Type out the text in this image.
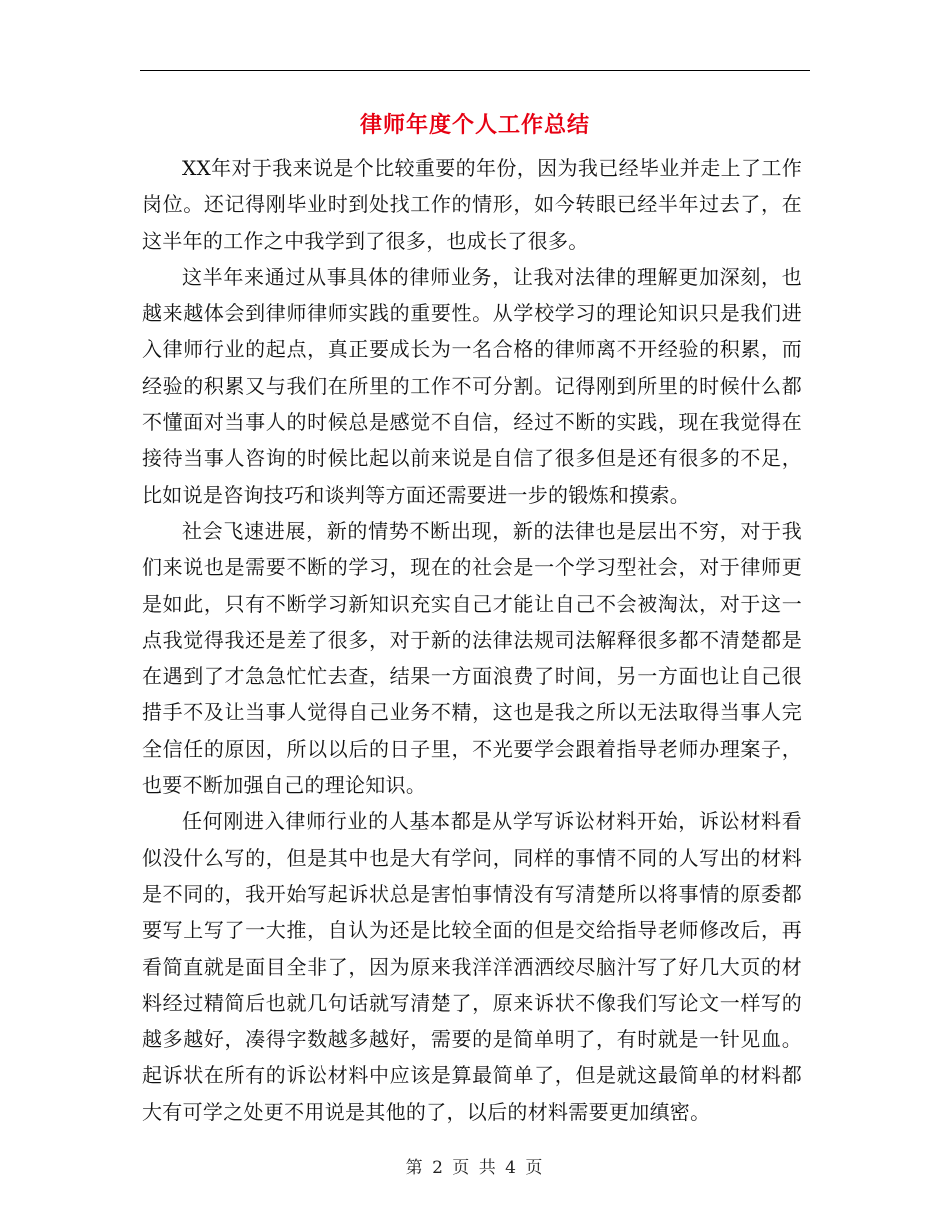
律师年度个人工作总结

XX年对于我来说是个比较重要的年份，因为我已经毕业并走上了工作岗位。还记得刚毕业时到处找工作的情形，如今转眼已经半年过去了，在这半年的工作之中我学到了很多，也成长了很多。

这半年来通过从事具体的律师业务，让我对法律的理解更加深刻，也越来越体会到律师律师实践的重要性。从学校学习的理论知识只是我们进入律师行业的起点，真正要成长为一名合格的律师离不开经验的积累，而经验的积累又与我们在所里的工作不可分割。记得刚到所里的时候什么都不懂面对当事人的时候总是感觉不自信，经过不断的实践，现在我觉得在接待当事人咨询的时候比起以前来说是自信了很多但是还有很多的不足，比如说是咨询技巧和谈判等方面还需要进一步的锻炼和摸索。

社会飞速进展，新的情势不断出现，新的法律也是层出不穷，对于我们来说也是需要不断的学习，现在的社会是一个学习型社会，对于律师更是如此，只有不断学习新知识充实自己才能让自己不会被淘汰，对于这一点我觉得我还是差了很多，对于新的法律法规司法解释很多都不清楚都是在遇到了才急急忙忙去查，结果一方面浪费了时间，另一方面也让自己很措手不及让当事人觉得自己业务不精，这也是我之所以无法取得当事人完全信任的原因，所以以后的日子里，不光要学会跟着指导老师办理案子，也要不断加强自己的理论知识。

任何刚进入律师行业的人基本都是从学写诉讼材料开始，诉讼材料看似没什么写的，但是其中也是大有学问，同样的事情不同的人写出的材料是不同的，我开始写起诉状总是害怕事情没有写清楚所以将事情的原委都要写上写了一大推，自认为还是比较全面的但是交给指导老师修改后，再看简直就是面目全非了，因为原来我洋洋洒洒绞尽脑汁写了好几大页的材料经过精简后也就几句话就写清楚了，原来诉状不像我们写论文一样写的越多越好，凑得字数越多越好，需要的是简单明了，有时就是一针见血。起诉状在所有的诉讼材料中应该是算最简单了，但是就这最简单的材料都大有可学之处更不用说是其他的了，以后的材料需要更加缜密。

第 2 页 共 4 页
